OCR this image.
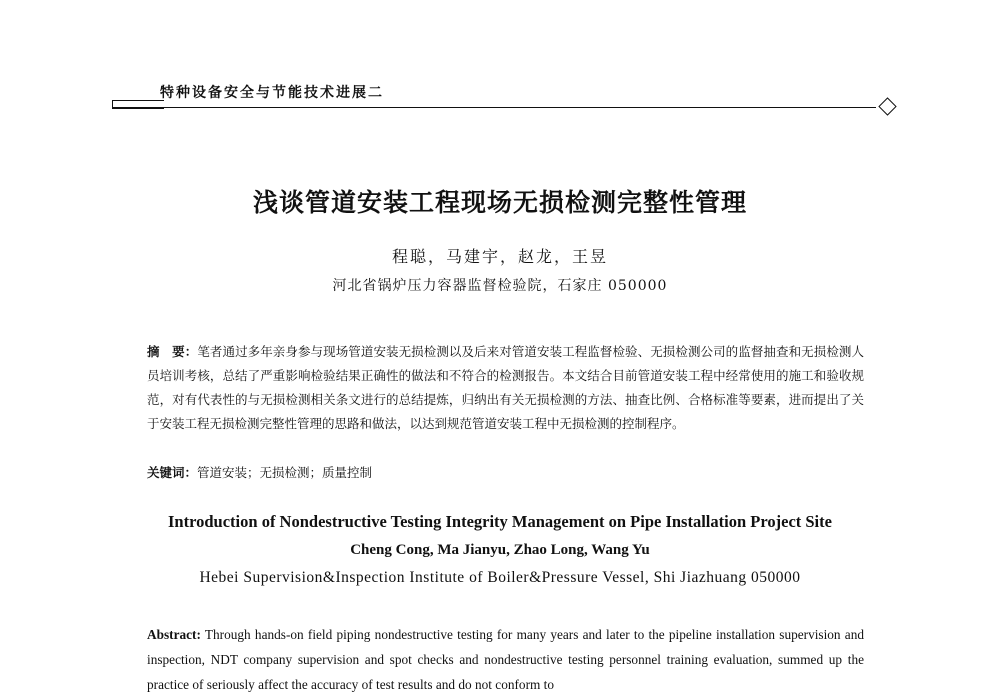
特种设备安全与节能技术进展二
浅谈管道安装工程现场无损检测完整性管理
程聪，马建宇，赵龙，王昱
河北省锅炉压力容器监督检验院，石家庄 050000
摘　要：笔者通过多年亲身参与现场管道安装无损检测以及后来对管道安装工程监督检验、无损检测公司的监督抽查和无损检测人员培训考核，总结了严重影响检验结果正确性的做法和不符合的检测报告。本文结合目前管道安装工程中经常使用的施工和验收规范，对有代表性的与无损检测相关条文进行的总结提炼，归纳出有关无损检测的方法、抽查比例、合格标准等要素，进而提出了关于安装工程无损检测完整性管理的思路和做法，以达到规范管道安装工程中无损检测的控制程序。
关键词：管道安装；无损检测；质量控制
Introduction of Nondestructive Testing Integrity Management on Pipe Installation Project Site
Cheng Cong, Ma Jianyu, Zhao Long, Wang Yu
Hebei Supervision&Inspection Institute of Boiler&Pressure Vessel, Shi Jiazhuang 050000
Abstract: Through hands-on field piping nondestructive testing for many years and later to the pipeline installation supervision and inspection, NDT company supervision and spot checks and nondestructive testing personnel training evaluation, summed up the practice of seriously affect the accuracy of test results and do not conform to
